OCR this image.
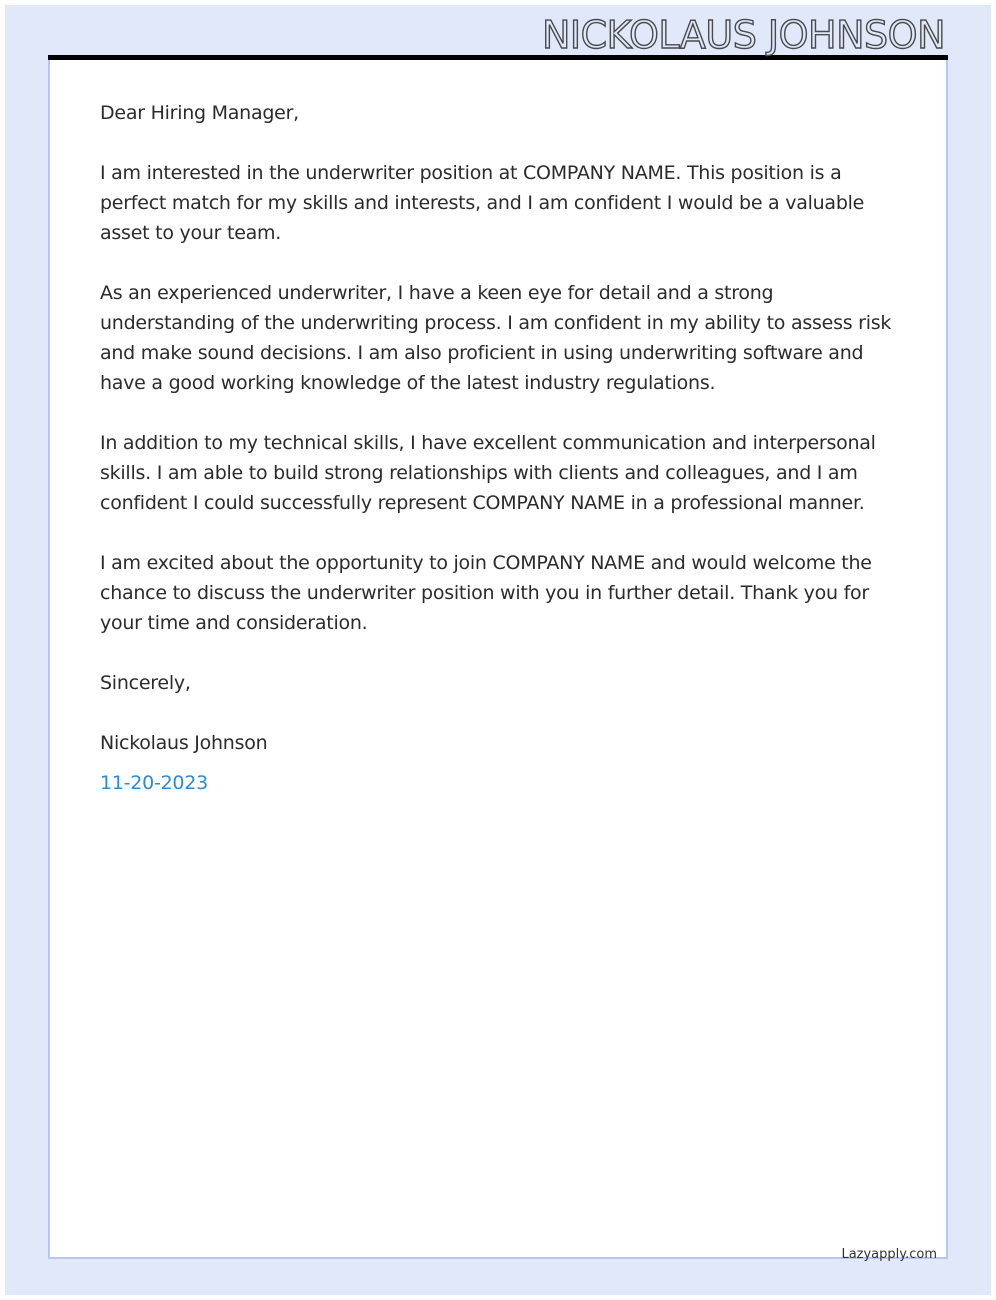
NICKOLAUS JOHNSON

Dear Hiring Manager,

I am interested in the underwriter position at COMPANY NAME. This position is a perfect match for my skills and interests, and I am confident I would be a valuable asset to your team.

As an experienced underwriter, I have a keen eye for detail and a strong understanding of the underwriting process. I am confident in my ability to assess risk and make sound decisions. I am also proficient in using underwriting software and have a good working knowledge of the latest industry regulations.

In addition to my technical skills, I have excellent communication and interpersonal skills. I am able to build strong relationships with clients and colleagues, and I am confident I could successfully represent COMPANY NAME in a professional manner.

I am excited about the opportunity to join COMPANY NAME and would welcome the chance to discuss the underwriter position with you in further detail. Thank you for your time and consideration.

Sincerely,

Nickolaus Johnson

11-20-2023

Lazyapply.com
